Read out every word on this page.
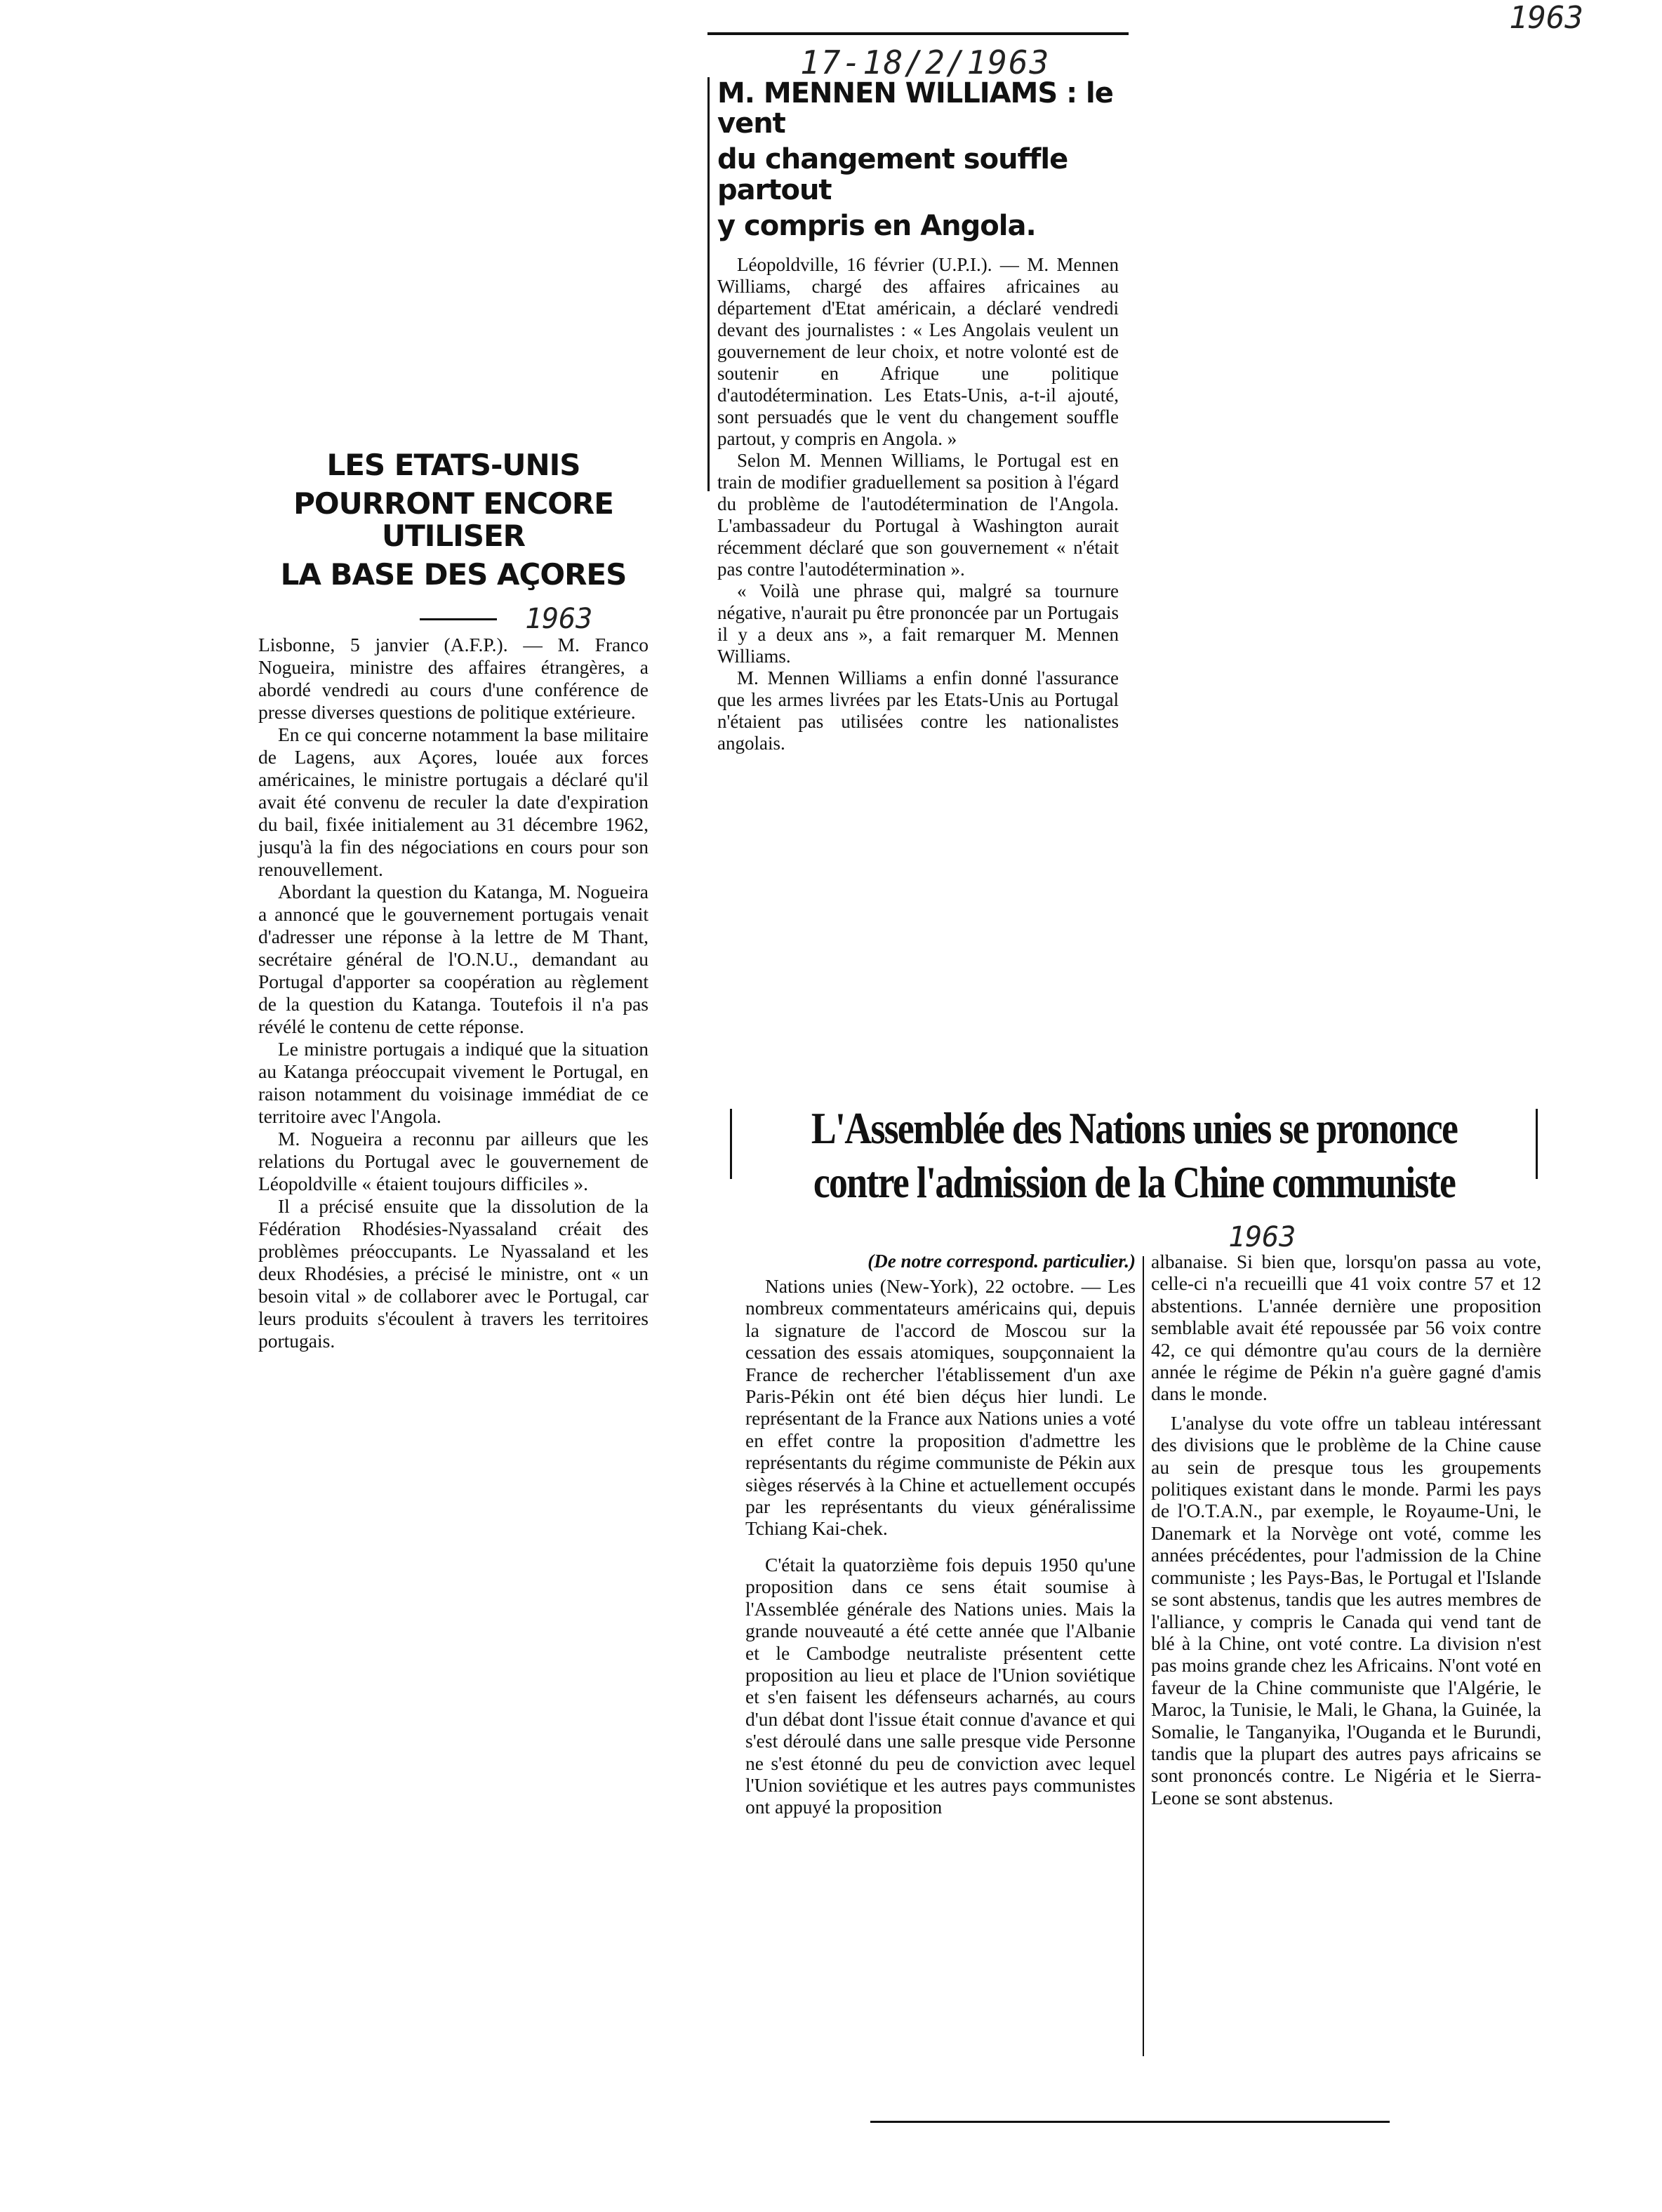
1963
17-18/2/1963
LES ETATS-UNIS
POURRONT ENCORE UTILISER
LA BASE DES AÇORES
1963

Lisbonne, 5 janvier (A.F.P.). — M. Franco Nogueira, ministre des affaires étrangères, a abordé vendredi au cours d'une conférence de presse diverses questions de politique extérieure.

En ce qui concerne notamment la base militaire de Lagens, aux Açores, louée aux forces américaines, le ministre portugais a déclaré qu'il avait été convenu de reculer la date d'expiration du bail, fixée initialement au 31 décembre 1962, jusqu'à la fin des négociations en cours pour son renouvellement.

Abordant la question du Katanga, M. Nogueira a annoncé que le gouvernement portugais venait d'adresser une réponse à la lettre de M Thant, secrétaire général de l'O.N.U., demandant au Portugal d'apporter sa coopération au règlement de la question du Katanga. Toutefois il n'a pas révélé le contenu de cette réponse.

Le ministre portugais a indiqué que la situation au Katanga préoccupait vivement le Portugal, en raison notamment du voisinage immédiat de ce territoire avec l'Angola.

M. Nogueira a reconnu par ailleurs que les relations du Portugal avec le gouvernement de Léopoldville « étaient toujours difficiles ».

Il a précisé ensuite que la dissolution de la Fédération Rhodésies-Nyassaland créait des problèmes préoccupants. Le Nyassaland et les deux Rhodésies, a précisé le ministre, ont « un besoin vital » de collaborer avec le Portugal, car leurs produits s'écoulent à travers les territoires portugais.

M. MENNEN WILLIAMS : le vent
du changement souffle partout
y compris en Angola.

Léopoldville, 16 février (U.P.I.). — M. Mennen Williams, chargé des affaires africaines au département d'Etat américain, a déclaré vendredi devant des journalistes : « Les Angolais veulent un gouvernement de leur choix, et notre volonté est de soutenir en Afrique une politique d'autodétermination. Les Etats-Unis, a-t-il ajouté, sont persuadés que le vent du changement souffle partout, y compris en Angola. »

Selon M. Mennen Williams, le Portugal est en train de modifier graduellement sa position à l'égard du problème de l'autodétermination de l'Angola. L'ambassadeur du Portugal à Washington aurait récemment déclaré que son gouvernement « n'était pas contre l'autodétermination ».

« Voilà une phrase qui, malgré sa tournure négative, n'aurait pu être prononcée par un Portugais il y a deux ans », a fait remarquer M. Mennen Williams.

M. Mennen Williams a enfin donné l'assurance que les armes livrées par les Etats-Unis au Portugal n'étaient pas utilisées contre les nationalistes angolais.

L'Assemblée des Nations unies se prononce
contre l'admission de la Chine communiste
1963
(De notre correspond. particulier.)

Nations unies (New-York), 22 octobre. — Les nombreux commentateurs américains qui, depuis la signature de l'accord de Moscou sur la cessation des essais atomiques, soupçonnaient la France de rechercher l'établissement d'un axe Paris-Pékin ont été bien déçus hier lundi. Le représentant de la France aux Nations unies a voté en effet contre la proposition d'admettre les représentants du régime communiste de Pékin aux sièges réservés à la Chine et actuellement occupés par les représentants du vieux généralissime Tchiang Kai-chek.

C'était la quatorzième fois depuis 1950 qu'une proposition dans ce sens était soumise à l'Assemblée générale des Nations unies. Mais la grande nouveauté a été cette année que l'Albanie et le Cambodge neutraliste présentent cette proposition au lieu et place de l'Union soviétique et s'en faisent les défenseurs acharnés, au cours d'un débat dont l'issue était connue d'avance et qui s'est déroulé dans une salle presque vide Personne ne s'est étonné du peu de conviction avec lequel l'Union soviétique et les autres pays communistes ont appuyé la proposition

albanaise. Si bien que, lorsqu'on passa au vote, celle-ci n'a recueilli que 41 voix contre 57 et 12 abstentions. L'année dernière une proposition semblable avait été repoussée par 56 voix contre 42, ce qui démontre qu'au cours de la dernière année le régime de Pékin n'a guère gagné d'amis dans le monde.

L'analyse du vote offre un tableau intéressant des divisions que le problème de la Chine cause au sein de presque tous les groupements politiques existant dans le monde. Parmi les pays de l'O.T.A.N., par exemple, le Royaume-Uni, le Danemark et la Norvège ont voté, comme les années précédentes, pour l'admission de la Chine communiste ; les Pays-Bas, le Portugal et l'Islande se sont abstenus, tandis que les autres membres de l'alliance, y compris le Canada qui vend tant de blé à la Chine, ont voté contre. La division n'est pas moins grande chez les Africains. N'ont voté en faveur de la Chine communiste que l'Algérie, le Maroc, la Tunisie, le Mali, le Ghana, la Guinée, la Somalie, le Tanganyika, l'Ouganda et le Burundi, tandis que la plupart des autres pays africains se sont prononcés contre. Le Nigéria et le Sierra-Leone se sont abstenus.
